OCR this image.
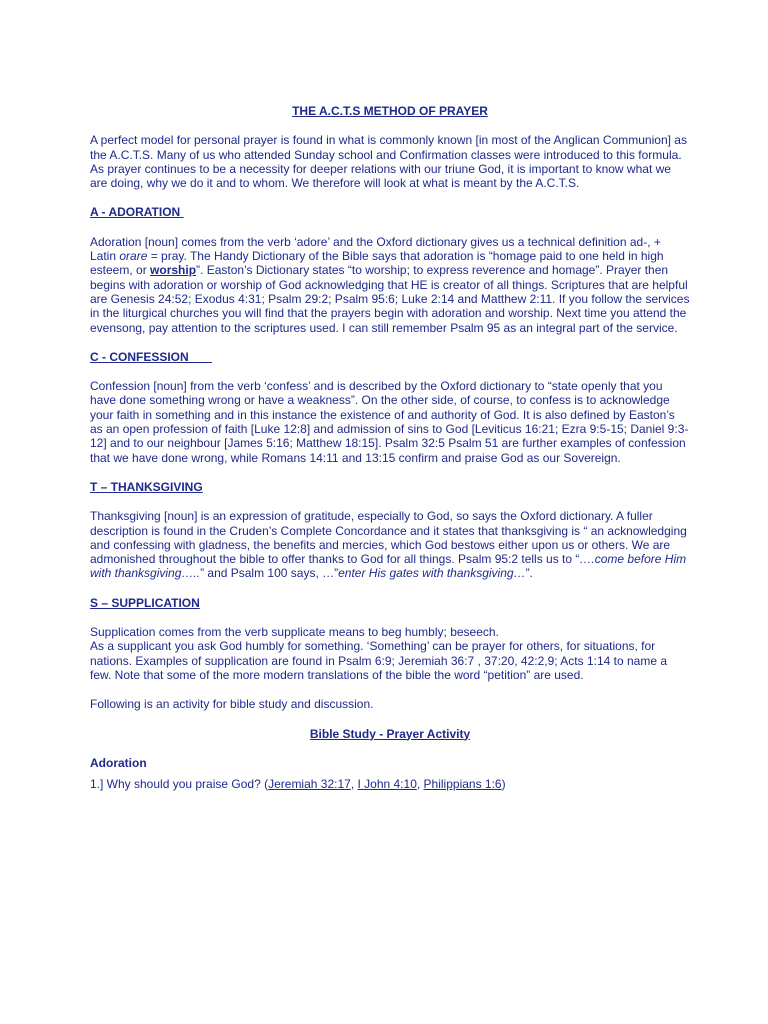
THE A.C.T.S METHOD OF PRAYER

A perfect model for personal prayer is found in what is commonly known [in most of the Anglican Communion] as the A.C.T.S. Many of us who attended Sunday school and Confirmation classes were introduced to this formula. As prayer continues to be a necessity for deeper relations with our triune God, it is important to know what we are doing, why we do it and to whom. We therefore will look at what is meant by the A.C.T.S.

A - ADORATION

Adoration [noun] comes from the verb ‘adore’ and the Oxford dictionary gives us a technical definition ad-, + Latin orare = pray. The Handy Dictionary of the Bible says that adoration is “homage paid to one held in high esteem, or worship”. Easton’s Dictionary states “to worship; to express reverence and homage”. Prayer then begins with adoration or worship of God acknowledging that HE is creator of all things. Scriptures that are helpful are Genesis 24:52; Exodus 4:31; Psalm 29:2; Psalm 95:6; Luke 2:14 and Matthew 2:11. If you follow the services in the liturgical churches you will find that the prayers begin with adoration and worship. Next time you attend the evensong, pay attention to the scriptures used. I can still remember Psalm 95 as an integral part of the service.

C - CONFESSION

Confession [noun] from the verb ‘confess’ and is described by the Oxford dictionary to “state openly that you have done something wrong or have a weakness”. On the other side, of course, to confess is to acknowledge your faith in something and in this instance the existence of and authority of God. It is also defined by Easton’s as an open profession of faith [Luke 12:8] and admission of sins to God [Leviticus 16:21; Ezra 9:5-15; Daniel 9:3-12] and to our neighbour [James 5:16; Matthew 18:15]. Psalm 32:5 Psalm 51 are further examples of confession that we have done wrong, while Romans 14:11 and 13:15 confirm and praise God as our Sovereign.

T – THANKSGIVING

Thanksgiving [noun] is an expression of gratitude, especially to God, so says the Oxford dictionary. A fuller description is found in the Cruden’s Complete Concordance and it states that thanksgiving is “ an acknowledging and confessing with gladness, the benefits and mercies, which God bestows either upon us or others. We are admonished throughout the bible to offer thanks to God for all things. Psalm 95:2 tells us to “….come before Him with thanksgiving…..” and Psalm 100 says, …”enter His gates with thanksgiving…”.

S – SUPPLICATION

Supplication comes from the verb supplicate means to beg humbly; beseech.
As a supplicant you ask God humbly for something. ‘Something’ can be prayer for others, for situations, for nations. Examples of supplication are found in Psalm 6:9; Jeremiah 36:7 , 37:20, 42:2,9; Acts 1:14 to name a few. Note that some of the more modern translations of the bible the word “petition” are used.

Following is an activity for bible study and discussion.

Bible Study - Prayer Activity
Adoration
1.] Why should you praise God? (Jeremiah 32:17, I John 4:10, Philippians 1:6)
